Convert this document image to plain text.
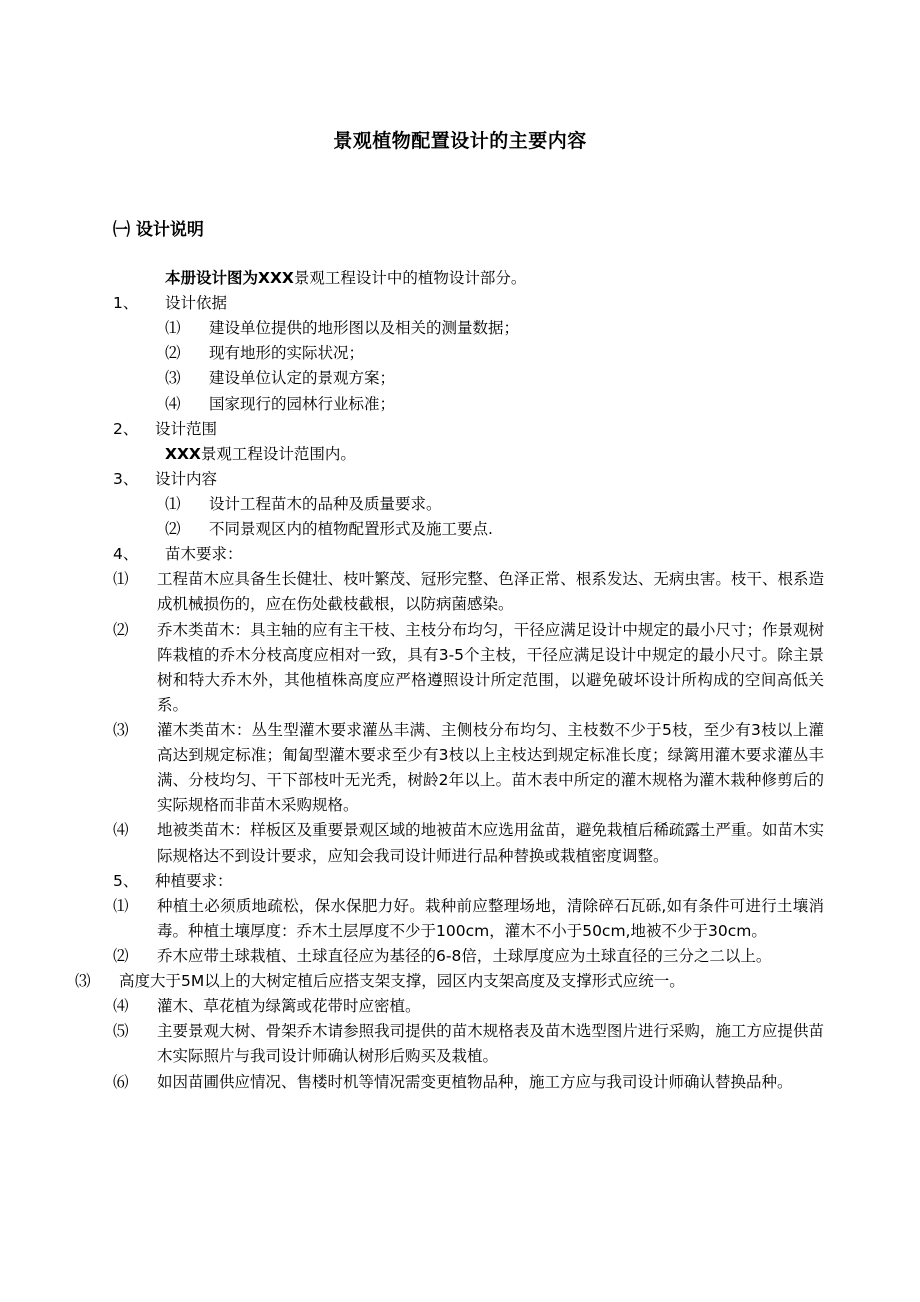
景观植物配置设计的主要内容
㈠ 设计说明
本册设计图为XXX景观工程设计中的植物设计部分。
1、	设计依据
⑴	建设单位提供的地形图以及相关的测量数据；
⑵	现有地形的实际状况；
⑶	建设单位认定的景观方案；
⑷	国家现行的园林行业标准；
2、	设计范围
XXX景观工程设计范围内。
3、	设计内容
⑴	设计工程苗木的品种及质量要求。
⑵	不同景观区内的植物配置形式及施工要点.
4、	苗木要求：
⑴	工程苗木应具备生长健壮、枝叶繁茂、冠形完整、色泽正常、根系发达、无病虫害。枝干、根系造成机械损伤的，应在伤处截枝截根，以防病菌感染。
⑵	乔木类苗木：具主轴的应有主干枝、主枝分布均匀，干径应满足设计中规定的最小尺寸；作景观树阵栽植的乔木分枝高度应相对一致，具有3-5个主枝，干径应满足设计中规定的最小尺寸。除主景树和特大乔木外，其他植株高度应严格遵照设计所定范围，以避免破坏设计所构成的空间高低关系。
⑶	灌木类苗木：丛生型灌木要求灌丛丰满、主侧枝分布均匀、主枝数不少于5枝，至少有3枝以上灌高达到规定标准；匍匐型灌木要求至少有3枝以上主枝达到规定标准长度；绿篱用灌木要求灌丛丰满、分枝均匀、干下部枝叶无光秃，树龄2年以上。苗木表中所定的灌木规格为灌木栽种修剪后的实际规格而非苗木采购规格。
⑷	地被类苗木：样板区及重要景观区域的地被苗木应选用盆苗，避免栽植后稀疏露土严重。如苗木实际规格达不到设计要求，应知会我司设计师进行品种替换或栽植密度调整。
5、	种植要求：
⑴	种植土必须质地疏松，保水保肥力好。栽种前应整理场地，清除碎石瓦砾,如有条件可进行土壤消毒。种植土壤厚度：乔木土层厚度不少于100cm，灌木不小于50cm,地被不少于30cm。
⑵	乔木应带土球栽植、土球直径应为基径的6-8倍，土球厚度应为土球直径的三分之二以上。
⑶	高度大于5M以上的大树定植后应搭支架支撑，园区内支架高度及支撑形式应统一。
⑷	灌木、草花植为绿篱或花带时应密植。
⑸	主要景观大树、骨架乔木请参照我司提供的苗木规格表及苗木选型图片进行采购，施工方应提供苗木实际照片与我司设计师确认树形后购买及栽植。
⑹	如因苗圃供应情况、售楼时机等情况需变更植物品种，施工方应与我司设计师确认替换品种。
